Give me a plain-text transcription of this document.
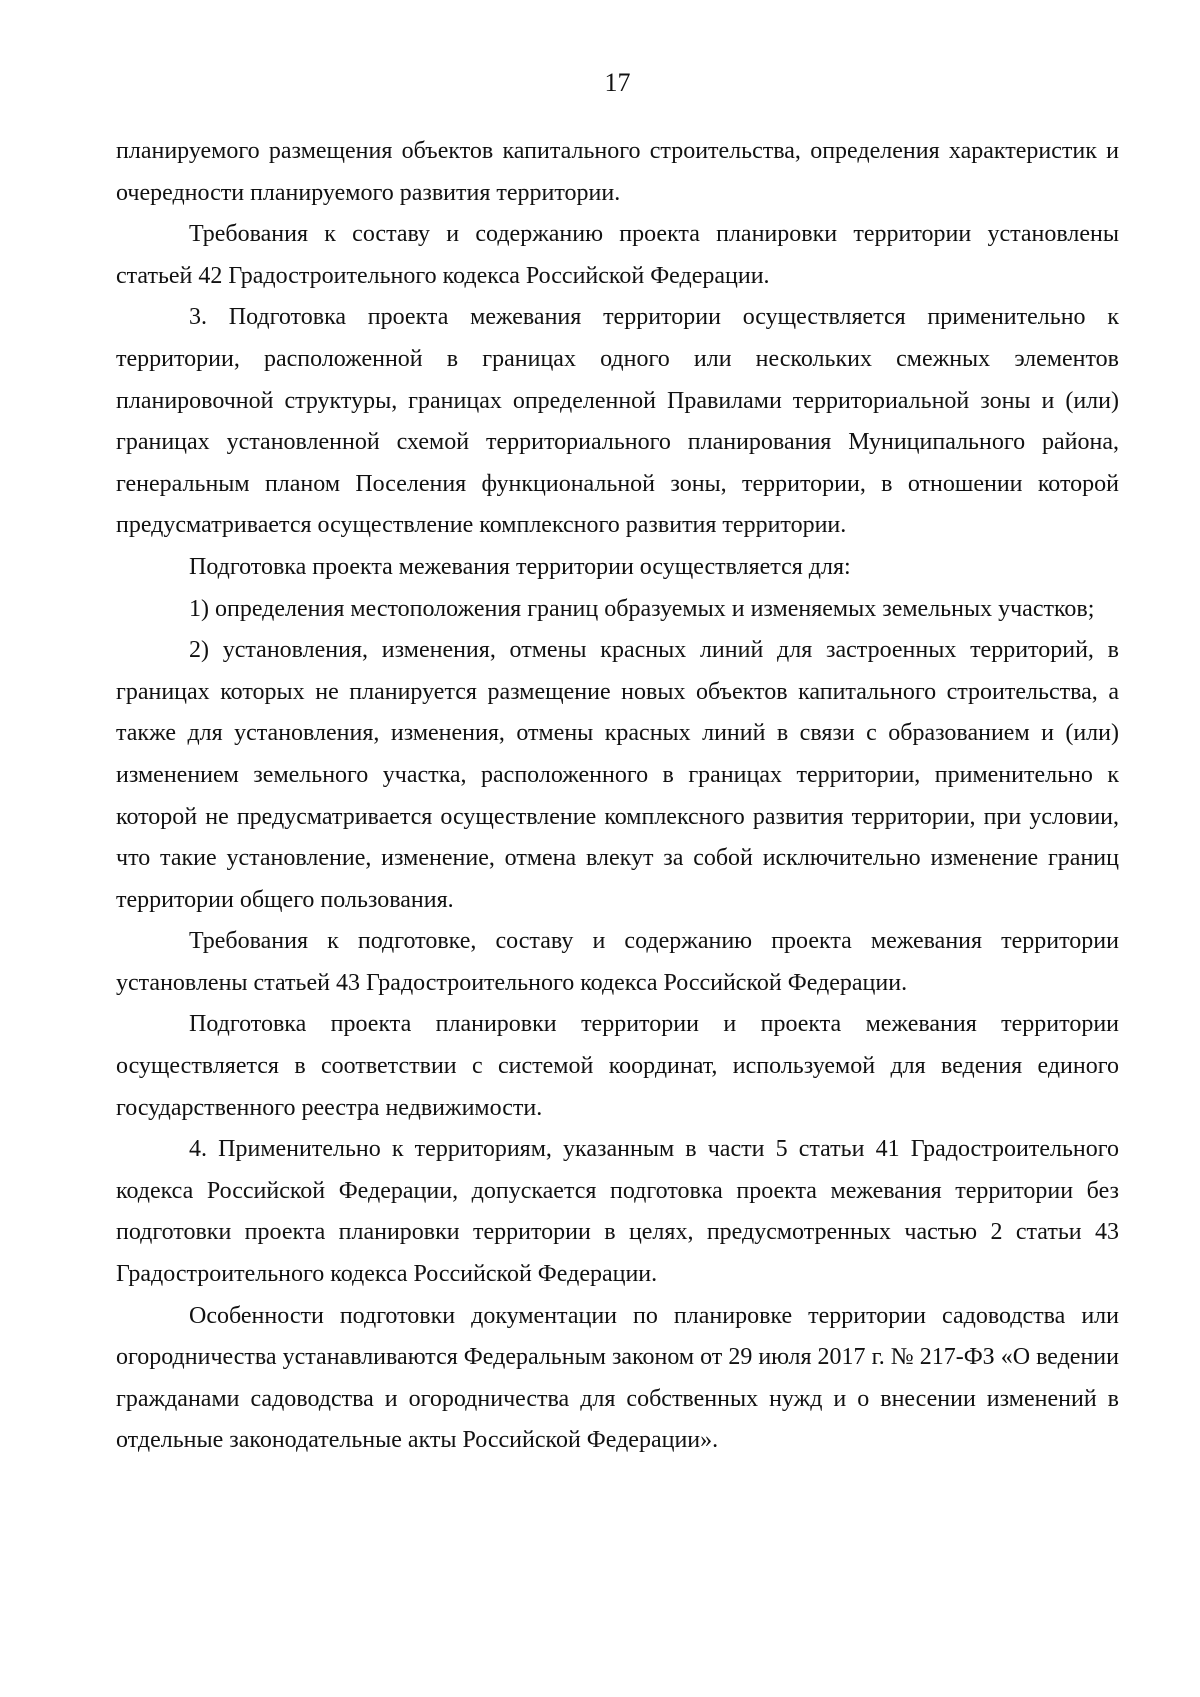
17

планируемого размещения объектов капитального строительства, определения характеристик и очередности планируемого развития территории.

Требования к составу и содержанию проекта планировки территории установлены статьей 42 Градостроительного кодекса Российской Федерации.

3. Подготовка проекта межевания территории осуществляется применительно к территории, расположенной в границах одного или нескольких смежных элементов планировочной структуры, границах определенной Правилами территориальной зоны и (или) границах установленной схемой территориального планирования Муниципального района, генеральным планом Поселения функциональной зоны, территории, в отношении которой предусматривается осуществление комплексного развития территории.

Подготовка проекта межевания территории осуществляется для:

1) определения местоположения границ образуемых и изменяемых земельных участков;

2) установления, изменения, отмены красных линий для застроенных территорий, в границах которых не планируется размещение новых объектов капитального строительства, а также для установления, изменения, отмены красных линий в связи с образованием и (или) изменением земельного участка, расположенного в границах территории, применительно к которой не предусматривается осуществление комплексного развития территории, при условии, что такие установление, изменение, отмена влекут за собой исключительно изменение границ территории общего пользования.

Требования к подготовке, составу и содержанию проекта межевания территории установлены статьей 43 Градостроительного кодекса Российской Федерации.

Подготовка проекта планировки территории и проекта межевания территории осуществляется в соответствии с системой координат, используемой для ведения единого государственного реестра недвижимости.

4. Применительно к территориям, указанным в части 5 статьи 41 Градостроительного кодекса Российской Федерации, допускается подготовка проекта межевания территории без подготовки проекта планировки территории в целях, предусмотренных частью 2 статьи 43 Градостроительного кодекса Российской Федерации.

Особенности подготовки документации по планировке территории садоводства или огородничества устанавливаются Федеральным законом от 29 июля 2017 г. № 217-ФЗ «О ведении гражданами садоводства и огородничества для собственных нужд и о внесении изменений в отдельные законодательные акты Российской Федерации».
